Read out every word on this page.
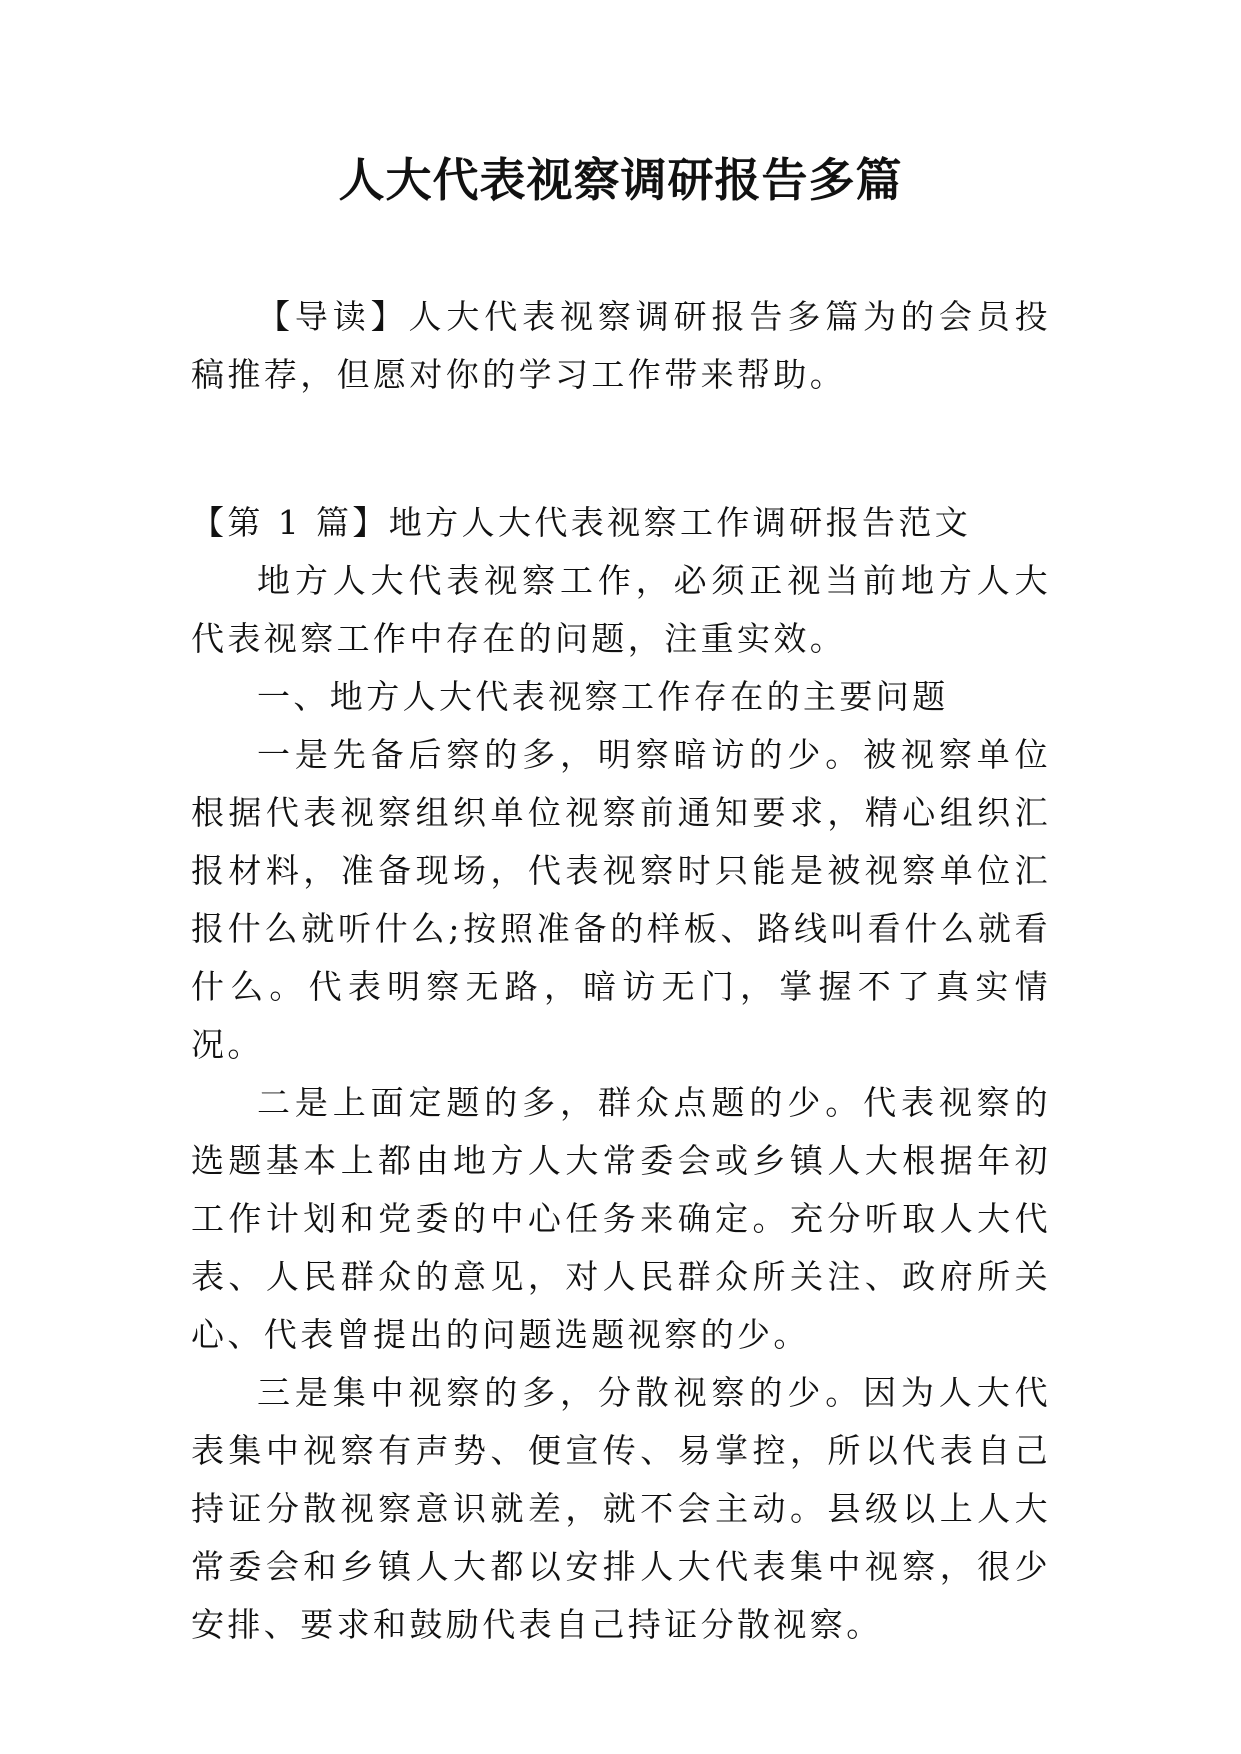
人大代表视察调研报告多篇

【导读】人大代表视察调研报告多篇为的会员投稿推荐，但愿对你的学习工作带来帮助。

【第 1 篇】地方人大代表视察工作调研报告范文

地方人大代表视察工作，必须正视当前地方人大代表视察工作中存在的问题，注重实效。

一、地方人大代表视察工作存在的主要问题

一是先备后察的多，明察暗访的少。被视察单位根据代表视察组织单位视察前通知要求，精心组织汇报材料，准备现场，代表视察时只能是被视察单位汇报什么就听什么;按照准备的样板、路线叫看什么就看什么。代表明察无路，暗访无门，掌握不了真实情况。

二是上面定题的多，群众点题的少。代表视察的选题基本上都由地方人大常委会或乡镇人大根据年初工作计划和党委的中心任务来确定。充分听取人大代表、人民群众的意见，对人民群众所关注、政府所关心、代表曾提出的问题选题视察的少。

三是集中视察的多，分散视察的少。因为人大代表集中视察有声势、便宣传、易掌控，所以代表自己持证分散视察意识就差，就不会主动。县级以上人大常委会和乡镇人大都以安排人大代表集中视察，很少安排、要求和鼓励代表自己持证分散视察。
